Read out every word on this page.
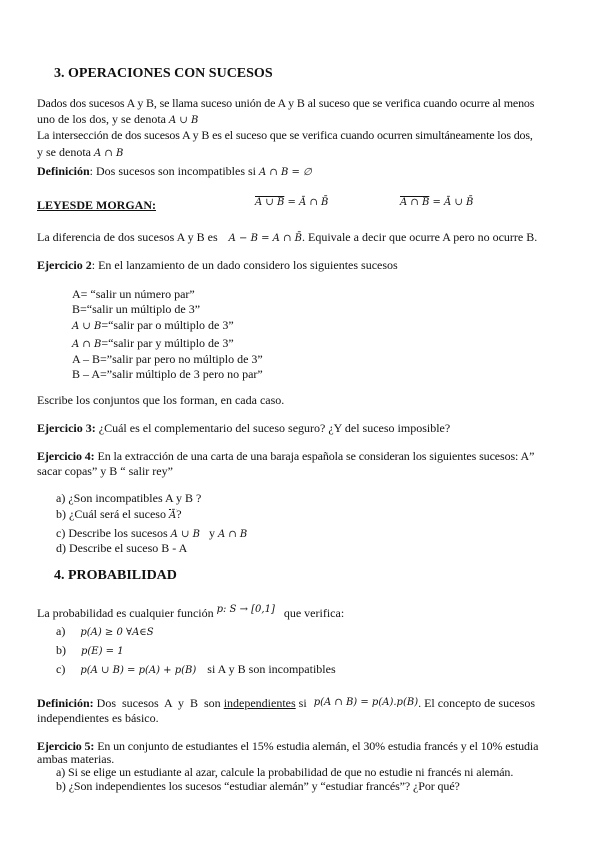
3. OPERACIONES CON SUCESOS
Dados dos sucesos A y B, se llama suceso unión de A y B al suceso que se verifica cuando ocurre al menos
uno de los dos, y se denota A ∪ B
La intersección de dos sucesos A y B es el suceso que se verifica cuando ocurren simultáneamente los dos,
y se denota A ∩ B
Definición: Dos sucesos son incompatibles si A ∩ B = ∅
LEYESDE MORGAN:	A ∪ B = Ā ∩ B̄	A ∩ B = Ā ∪ B̄
La diferencia de dos sucesos A y B es A − B = A ∩ B̄. Equivale a decir que ocurre A pero no ocurre B.
Ejercicio 2: En el lanzamiento de un dado considero los siguientes sucesos
A= “salir un número par”
B=“salir un múltiplo de 3”
A ∪ B=“salir par o múltiplo de 3”
A ∩ B=“salir par y múltiplo de 3”
A – B=”salir par pero no múltiplo de 3”
B – A=”salir múltiplo de 3 pero no par”
Escribe los conjuntos que los forman, en cada caso.
Ejercicio 3: ¿Cuál es el complementario del suceso seguro? ¿Y del suceso imposible?
Ejercicio 4: En la extracción de una carta de una baraja española se consideran los siguientes sucesos: A”
sacar copas” y B “ salir rey”
a) ¿Son incompatibles A y B ?
b) ¿Cuál será el suceso $\overline{Ā}$?
c) Describe los sucesos A ∪ B y A ∩ B
d) Describe el suceso B - A
4. PROBABILIDAD
La probabilidad es cualquier función $^{p: S \to [0,1]}$ que verifica:
a) p(A) ≥ 0 ∀A∈S
b) p(E) = 1
c) p(A ∪ B) = p(A) + p(B) si A y B son incompatibles
Definición: Dos  sucesos  A  y  B  son independientes si p(A ∩ B) = p(A).p(B). El concepto de sucesos
independientes es básico.
Ejercicio 5: En un conjunto de estudiantes el 15% estudia alemán, el 30% estudia francés y el 10% estudia
ambas materias.
a) Si se elige un estudiante al azar, calcule la probabilidad de que no estudie ni francés ni alemán.
b) ¿Son independientes los sucesos “estudiar alemán” y “estudiar francés”? ¿Por qué?
